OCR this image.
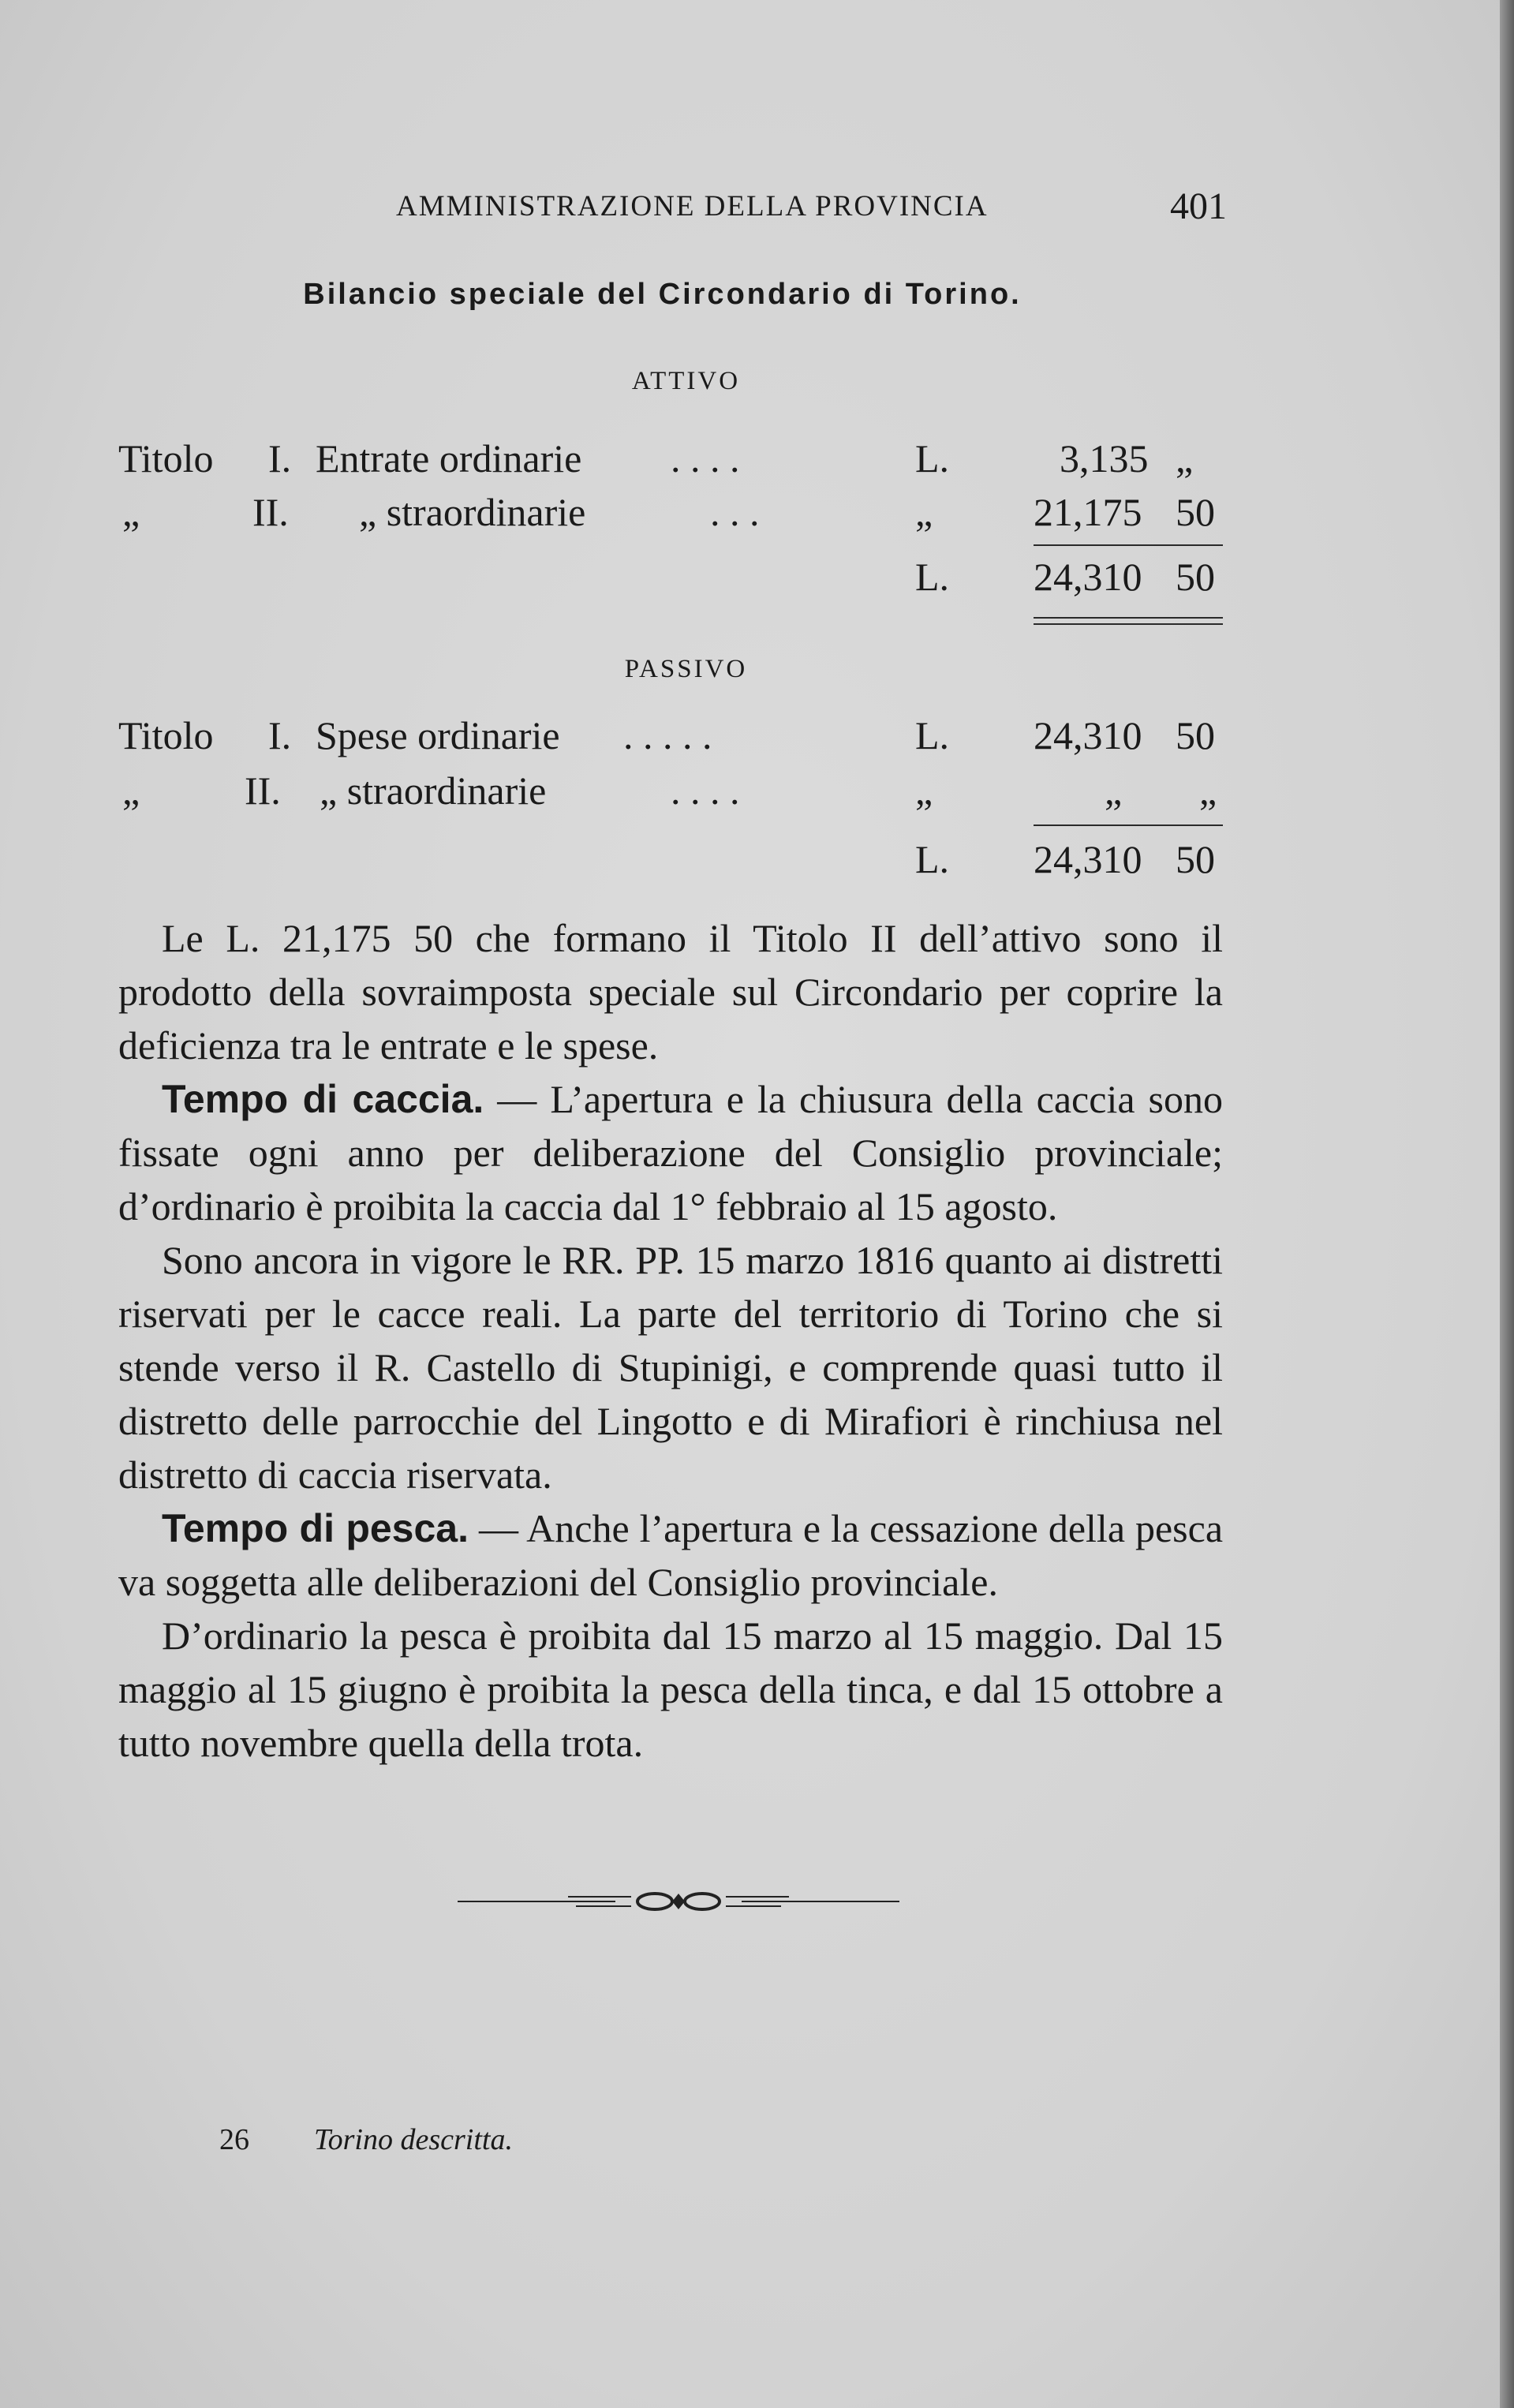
AMMINISTRAZIONE DELLA PROVINCIA	401
Bilancio speciale del Circondario di Torino.
ATTIVO
Titolo I. Entrate ordinarie . . . .	L.	3,135 „
„	II. „ straordinarie	. . .	„	21,175 50
L. 24,310 50
PASSIVO
Titolo I. Spese ordinarie . . . . .	L. 24,310 50
„	II. „ straordinarie	. . . .	„	„ „
L. 24,310 50

Le L. 21,175 50 che formano il Titolo II dell’attivo sono il prodotto della sovraimposta speciale sul Circondario per coprire la deficienza tra le entrate e le spese.

Tempo di caccia. — L’apertura e la chiusura della caccia sono fissate ogni anno per deliberazione del Consiglio provinciale; d’ordinario è proibita la caccia dal 1° febbraio al 15 agosto.

Sono ancora in vigore le RR. PP. 15 marzo 1816 quanto ai distretti riservati per le cacce reali. La parte del territorio di Torino che si stende verso il R. Castello di Stupinigi, e comprende quasi tutto il distretto delle parrocchie del Lingotto e di Mirafiori è rinchiusa nel distretto di caccia riservata.

Tempo di pesca. — Anche l’apertura e la cessazione della pesca va soggetta alle deliberazioni del Consiglio provinciale.

D’ordinario la pesca è proibita dal 15 marzo al 15 maggio. Dal 15 maggio al 15 giugno è proibita la pesca della tinca, e dal 15 ottobre a tutto novembre quella della trota.

26 Torino descritta.
